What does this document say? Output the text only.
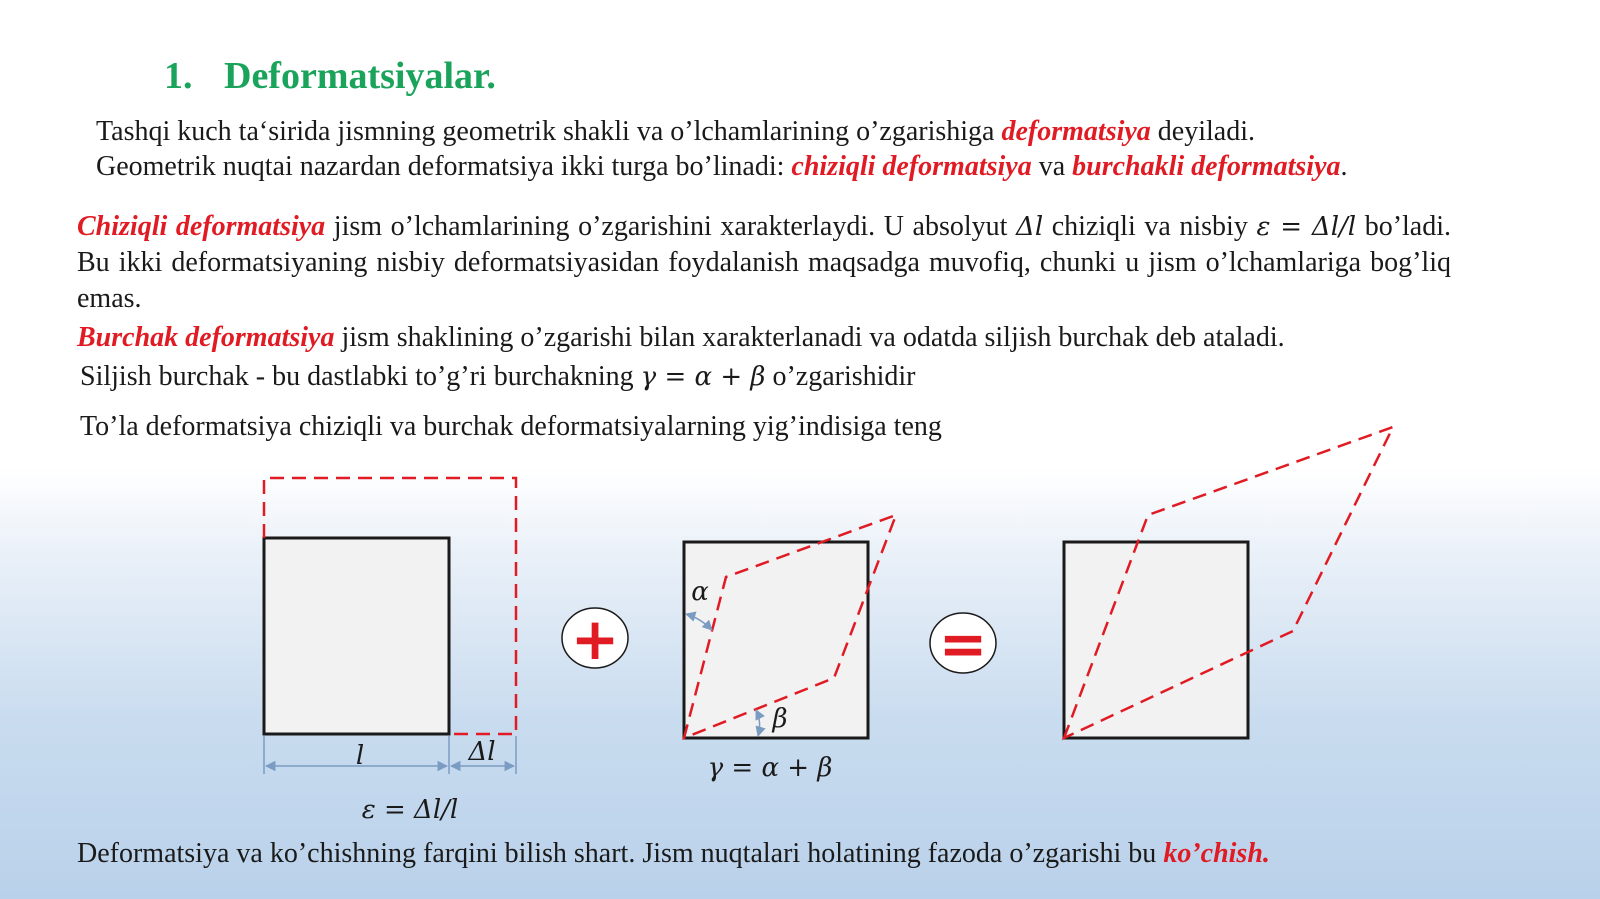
1. Deformatsiyalar.

Tashqi kuch ta‘sirida jismning geometrik shakli va o’lchamlarining o’zgarishiga deformatsiya deyiladi.

Geometrik nuqtai nazardan deformatsiya ikki turga bo’linadi: chiziqli deformatsiya va burchakli deformatsiya.

Chiziqli deformatsiya jism o’lchamlarining o’zgarishini xarakterlaydi. U absolyut Δl chiziqli va nisbiy ε = Δl/l bo’ladi. Bu ikki deformatsiyaning nisbiy deformatsiyasidan foydalanish maqsadga muvofiq, chunki u jism o’lchamlariga bog’liq emas.

Burchak deformatsiya jism shaklining o’zgarishi bilan xarakterlanadi va odatda siljish burchak deb ataladi.

Siljish burchak - bu dastlabki to’g’ri burchakning γ = α + β o’zgarishidir

To’la deformatsiya chiziqli va burchak deformatsiyalarning yig’indisiga teng

l	Δl
ε = Δl/l
+
α
β
γ = α + β
=

Deformatsiya va ko’chishning farqini bilish shart. Jism nuqtalari holatining fazoda o’zgarishi bu ko’chish.
